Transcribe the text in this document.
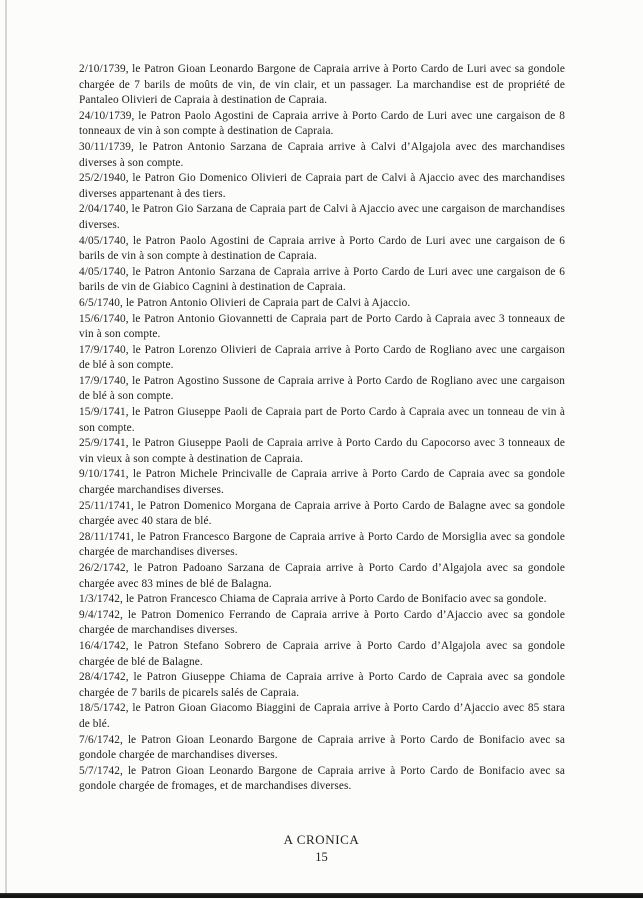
2/10/1739, le Patron Gioan Leonardo Bargone de Capraia arrive à Porto Cardo de Luri avec sa gondole chargée de 7 barils de moûts de vin, de vin clair, et un passager. La marchandise est de propriété de Pantaleo Olivieri de Capraia à destination de Capraia.

24/10/1739, le Patron Paolo Agostini de Capraia arrive à Porto Cardo de Luri avec une cargaison de 8 tonneaux de vin à son compte à destination de Capraia.

30/11/1739, le Patron Antonio Sarzana de Capraia arrive à Calvi d’Algajola avec des marchandises diverses à son compte.

25/2/1940, le Patron Gio Domenico Olivieri de Capraia part de Calvi à Ajaccio avec des marchandises diverses appartenant à des tiers.

2/04/1740, le Patron Gio Sarzana de Capraia part de Calvi à Ajaccio avec une cargaison de marchandises diverses.

4/05/1740, le Patron Paolo Agostini de Capraia arrive à Porto Cardo de Luri avec une cargaison de 6 barils de vin à son compte à destination de Capraia.

4/05/1740, le Patron Antonio Sarzana de Capraia arrive à Porto Cardo de Luri avec une cargaison de 6 barils de vin de Giabico Cagnini à destination de Capraia.

6/5/1740, le Patron Antonio Olivieri de Capraia part de Calvi à Ajaccio.

15/6/1740, le Patron Antonio Giovannetti de Capraia part de Porto Cardo à Capraia avec 3 tonneaux de vin à son compte.

17/9/1740, le Patron Lorenzo Olivieri de Capraia arrive à Porto Cardo de Rogliano avec une cargaison de blé à son compte.

17/9/1740, le Patron Agostino Sussone de Capraia arrive à Porto Cardo de Rogliano avec une cargaison de blé à son compte.

15/9/1741, le Patron Giuseppe Paoli de Capraia part de Porto Cardo à Capraia avec un tonneau de vin à son compte.

25/9/1741, le Patron Giuseppe Paoli de Capraia arrive à Porto Cardo du Capocorso avec 3 tonneaux de vin vieux à son compte à destination de Capraia.

9/10/1741, le Patron Michele Princivalle de Capraia arrive à Porto Cardo de Capraia avec sa gondole chargée marchandises diverses.

25/11/1741, le Patron Domenico Morgana de Capraia arrive à Porto Cardo de Balagne avec sa gondole chargée avec 40 stara de blé.

28/11/1741, le Patron Francesco Bargone de Capraia arrive à Porto Cardo de Morsiglia avec sa gondole chargée de marchandises diverses.

26/2/1742, le Patron Padoano Sarzana de Capraia arrive à Porto Cardo d’Algajola avec sa gondole chargée avec 83 mines de blé de Balagna.

1/3/1742, le Patron Francesco Chiama de Capraia arrive à Porto Cardo de Bonifacio avec sa gondole.

9/4/1742, le Patron Domenico Ferrando de Capraia arrive à Porto Cardo d’Ajaccio avec sa gondole chargée de marchandises diverses.

16/4/1742, le Patron Stefano Sobrero de Capraia arrive à Porto Cardo d’Algajola avec sa gondole chargée de blé de Balagne.

28/4/1742, le Patron Giuseppe Chiama de Capraia arrive à Porto Cardo de Capraia avec sa gondole chargée de 7 barils de picarels salés de Capraia.

18/5/1742, le Patron Gioan Giacomo Biaggini de Capraia arrive à Porto Cardo d’Ajaccio avec 85 stara de blé.

7/6/1742, le Patron Gioan Leonardo Bargone de Capraia arrive à Porto Cardo de Bonifacio avec sa gondole chargée de marchandises diverses.

5/7/1742, le Patron Gioan Leonardo Bargone de Capraia arrive à Porto Cardo de Bonifacio avec sa gondole chargée de fromages, et de marchandises diverses.

A CRONICA
15
